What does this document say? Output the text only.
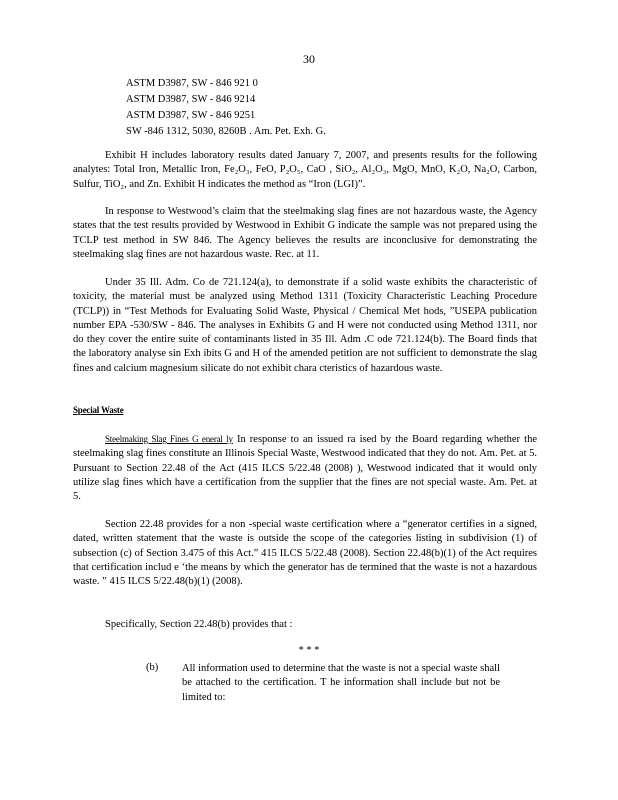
30
ASTM D3987, SW - 846 921 0
ASTM D3987, SW - 846 9214
ASTM D3987, SW - 846 9251
SW -846 1312, 5030, 8260B . Am. Pet. Exh. G.
Exhibit H includes laboratory results dated January 7, 2007, and presents results for the following analytes: Total Iron, Metallic Iron, Fe₂O₃, FeO, P₂O₅, CaO , SiO₂, Al₂O₃, MgO, MnO, K₂O, Na₂O, Carbon, Sulfur, TiO₂, and Zn. Exhibit H indicates the method as “Iron (LGI)”.
In response to Westwood’s claim that the steelmaking slag fines are not hazardous waste, the Agency states that the test results provided by Westwood in Exhibit G indicate the sample was not prepared using the TCLP test method in SW 846. The Agency believes the results are inconclusive for demonstrating the steelmaking slag fines are not hazardous waste. Rec. at 11.
Under 35 Ill. Adm. Co de 721.124(a), to demonstrate if a solid waste exhibits the characteristic of toxicity, the material must be analyzed using Method 1311 (Toxicity Characteristic Leaching Procedure (TCLP)) in “Test Methods for Evaluating Solid Waste, Physical / Chemical Met hods, ”USEPA publication number EPA -530/SW - 846. The analyses in Exhibits G and H were not conducted using Method 1311, nor do they cover the entire suite of contaminants listed in 35 Ill. Adm .C ode 721.124(b). The Board finds that the laboratory analyse sin Exh ibits G and H of the amended petition are not sufficient to demonstrate the slag fines and calcium magnesium silicate do not exhibit chara cteristics of hazardous waste.
Special Waste
Steelmaking Slag Fines G eneral ly In response to an issued ra ised by the Board regarding whether the steelmaking slag fines constitute an Illinois Special Waste, Westwood indicated that they do not. Am. Pet. at 5. Pursuant to Section 22.48 of the Act (415 ILCS 5/22.48 (2008) ), Westwood indicated that it would only utilize slag fines which have a certification from the supplier that the fines are not special waste. Am. Pet. at 5.
Section 22.48 provides for a non -special waste certification where a “generator certifies in a signed, dated, written statement that the waste is outside the scope of the categories listing in subdivision (1) of subsection (c) of Section 3.475 of this Act.” 415 ILCS 5/22.48 (2008). Section 22.48(b)(1) of the Act requires that certification includ e ‘the means by which the generator has de termined that the waste is not a hazardous waste. ” 415 ILCS 5/22.48(b)(1) (2008).
Specifically, Section 22.48(b) provides that :
* * *
(b) All information used to determine that the waste is not a special waste shall be attached to the certification. T he information shall include but not be limited to:
